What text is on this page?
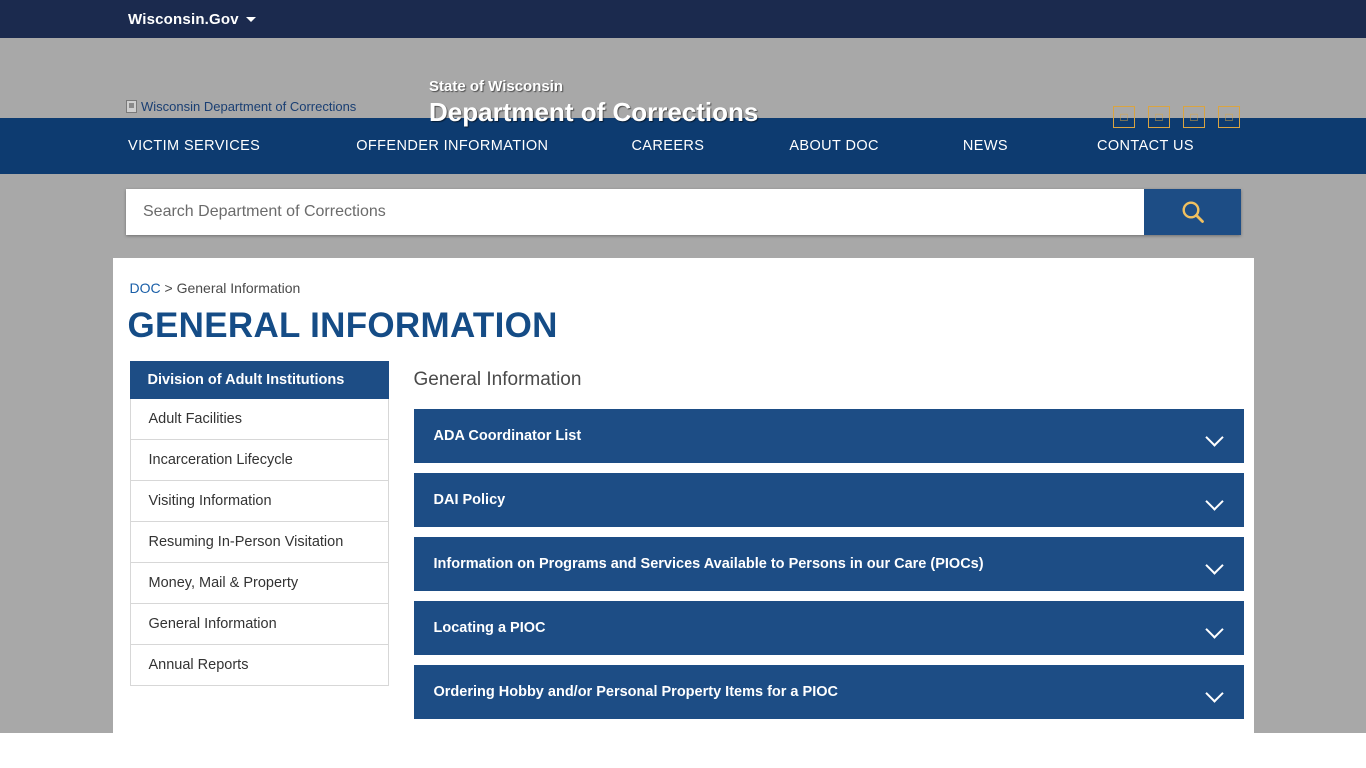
Wisconsin.Gov
Wisconsin Department of Corrections
State of Wisconsin
Department of Corrections	□	□	□	□
VICTIM SERVICES	OFFENDER INFORMATION	CAREERS	ABOUT DOC	NEWS	CONTACT US
Search Department of Corrections
DOC > General Information
GENERAL INFORMATION
Division of Adult Institutions
Adult Facilities
Incarceration Lifecycle
Visiting Information
Resuming In-Person Visitation
Money, Mail & Property
General Information
Annual Reports
General Information
ADA Coordinator List
DAI Policy
Information on Programs and Services Available to Persons in our Care (PIOCs)
Locating a PIOC
Ordering Hobby and/or Personal Property Items for a PIOC
